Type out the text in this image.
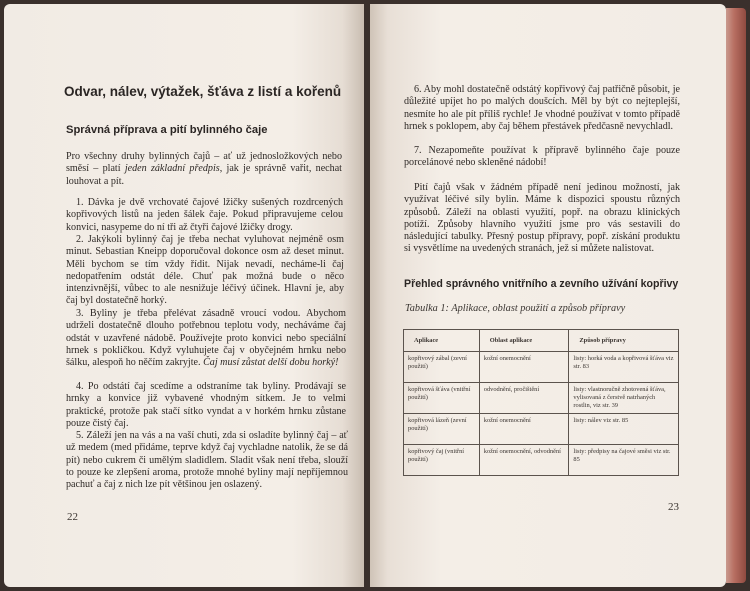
Odvar, nálev, výtažek, šťáva z listí a kořenů
Správná příprava a pití bylinného čaje
Pro všechny druhy bylinných čajů – ať už jednosložkových nebo směsí – platí jeden základní předpis, jak je správně vařit, nechat louhovat a pít.
1. Dávka je dvě vrchovaté čajové lžičky sušených rozdrcených kopřivových listů na jeden šálek čaje. Pokud připravujeme celou konvici, nasypeme do ní tři až čtyři čajové lžičky drogy.
2. Jakýkoli bylinný čaj je třeba nechat vyluhovat nejméně osm minut. Sebastian Kneipp doporučoval dokonce osm až deset minut. Měli bychom se tím vždy řídit. Nijak nevadí, necháme-li čaj nedopatřením odstát déle. Chuť pak možná bude o něco intenzivnější, vůbec to ale nesnižuje léčivý účinek. Hlavní je, aby čaj byl dostatečně horký.
3. Byliny je třeba přelévat zásadně vroucí vodou. Abychom udrželi dostatečně dlouho potřebnou teplotu vody, necháváme čaj odstát v uzavřené nádobě. Používejte proto konvici nebo speciální hrnek s pokličkou. Když vyluhujete čaj v obyčejném hrnku nebo šálku, alespoň ho něčím zakryjte. Čaj musí zůstat delší dobu horký!
4. Po odstátí čaj scedíme a odstraníme tak byliny. Prodávají se hrnky a konvice již vybavené vhodným sítkem. Je to velmi praktické, protože pak stačí sítko vyndat a v horkém hrnku zůstane pouze čistý čaj.
5. Záleží jen na vás a na vaší chuti, zda si osladíte bylinný čaj – ať už medem (med přidáme, teprve když čaj vychladne natolik, že se dá pít) nebo cukrem či umělým sladidlem. Sladit však není třeba, slouží to pouze ke zlepšení aroma, protože mnohé byliny mají nepříjemnou pachuť a čaj z nich lze pít většinou jen oslazený.
22
6. Aby mohl dostatečně odstátý kopřivový čaj patřičně působit, je důležité upíjet ho po malých doušcích. Měl by být co nejteplejší, nesmíte ho ale pít příliš rychle! Je vhodné používat v tomto případě hrnek s poklopem, aby čaj během přestávek předčasně nevychladl.
7. Nezapomeňte používat k přípravě bylinného čaje pouze porcelánové nebo skleněné nádobí!
Pití čajů však v žádném případě není jedinou možností, jak využívat léčivé síly bylin. Máme k dispozici spoustu různých způsobů. Záleží na oblasti využití, popř. na obrazu klinických potíží. Způsoby hlavního využití jsme pro vás sestavili do následující tabulky. Přesný postup přípravy, popř. získání produktu si vysvětlíme na uvedených stranách, jež si můžete nalistovat.
Přehled správného vnitřního a zevního užívání kopřivy
Tabulka 1: Aplikace, oblast použití a způsob přípravy
Aplikace	Oblast aplikace	Způsob přípravy
kopřivový zábal (zevní použití)	kožní onemocnění	listy: horká voda a kopřivová šťáva viz str. 83
kopřivová šťáva (vnitřní použití)	odvodnění, pročištění	listy: vlastnoručně zhotovená šťáva, vylisovaná z čerstvě natrhaných rostlin, viz str. 39
kopřivová lázeň (zevní použití)	kožní onemocnění	listy: nálev viz str. 85
kopřivový čaj (vnitřní použití)	kožní onemocnění, odvodnění	listy: předpisy na čajové směsi viz str. 85
23
